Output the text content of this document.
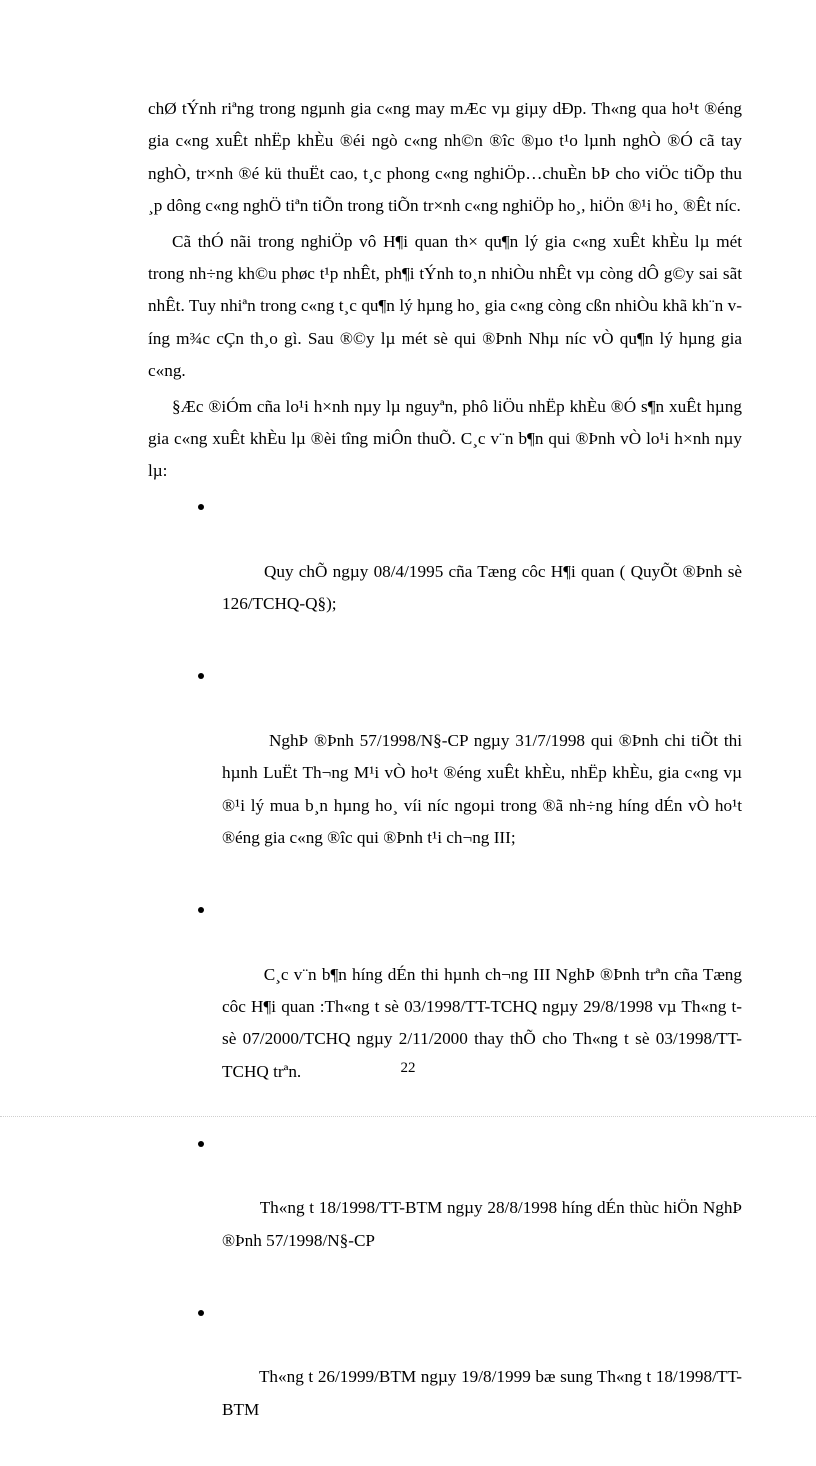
chØ tÝnh riªng trong ngµnh gia c«ng may mÆc vµ giµy dÐp. Th«ng qua ho¹t ®éng gia c«ng xuÊt nhËp khÈu ®éi ngò c«ng nh©n ®îc ®µo t¹o lµnh nghÒ ®Ó cã tay nghÒ, tr×nh ®é kü thuËt cao, t¸c phong c«ng nghiÖp…chuÈn bÞ cho viÖc tiÕp thu ¸p dông c«ng nghÖ tiªn tiÕn trong tiÕn tr×nh c«ng nghiÖp ho¸, hiÖn ®¹i ho¸ ®Êt níc.

Cã thÓ nãi trong nghiÖp vô H¶i quan th× qu¶n lý gia c«ng xuÊt khÈu lµ mét trong nh÷ng kh©u phøc t¹p nhÊt, ph¶i tÝnh to¸n nhiÒu nhÊt vµ còng dÔ g©y sai sãt nhÊt. Tuy nhiªn trong c«ng t¸c qu¶n lý hµng ho¸ gia c«ng còng cßn nhiÒu khã kh¨n víng m¾c cÇn th¸o gì. Sau ®©y lµ mét sè qui ®Þnh Nhµ níc vÒ qu¶n lý hµng gia c«ng.

§Æc ®iÓm cña lo¹i h×nh nµy lµ nguyªn, phô liÖu nhËp khÈu ®Ó s¶n xuÊt hµng gia c«ng xuÊt khÈu lµ ®èi tîng miÔn thuÕ. C¸c v¨n b¶n qui ®Þnh vÒ lo¹i h×nh nµy lµ:

Quy chÕ ngµy 08/4/1995 cña Tæng côc H¶i quan ( QuyÕt ®Þnh sè 126/TCHQ-Q§);

NghÞ ®Þnh 57/1998/N§-CP ngµy 31/7/1998 qui ®Þnh chi tiÕt thi hµnh LuËt Th¬ng M¹i vÒ ho¹t ®éng xuÊt khÈu, nhËp khÈu, gia c«ng vµ ®¹i lý mua b¸n hµng ho¸ víi níc ngoµi trong ®ã nh÷ng híng dÉn vÒ ho¹t ®éng gia c«ng ®îc qui ®Þnh t¹i ch¬ng III;

C¸c v¨n b¶n híng dÉn thi hµnh ch¬ng III NghÞ ®Þnh trªn cña Tæng côc H¶i quan :Th«ng t sè 03/1998/TT-TCHQ ngµy 29/8/1998 vµ Th«ng t sè 07/2000/TCHQ ngµy 2/11/2000 thay thÕ cho Th«ng t sè 03/1998/TT-TCHQ trªn.

Th«ng t 18/1998/TT-BTM ngµy 28/8/1998 híng dÉn thùc hiÖn NghÞ ®Þnh 57/1998/N§-CP

Th«ng t 26/1999/BTM ngµy 19/8/1999 bæ sung Th«ng t 18/1998/TT-BTM

22
